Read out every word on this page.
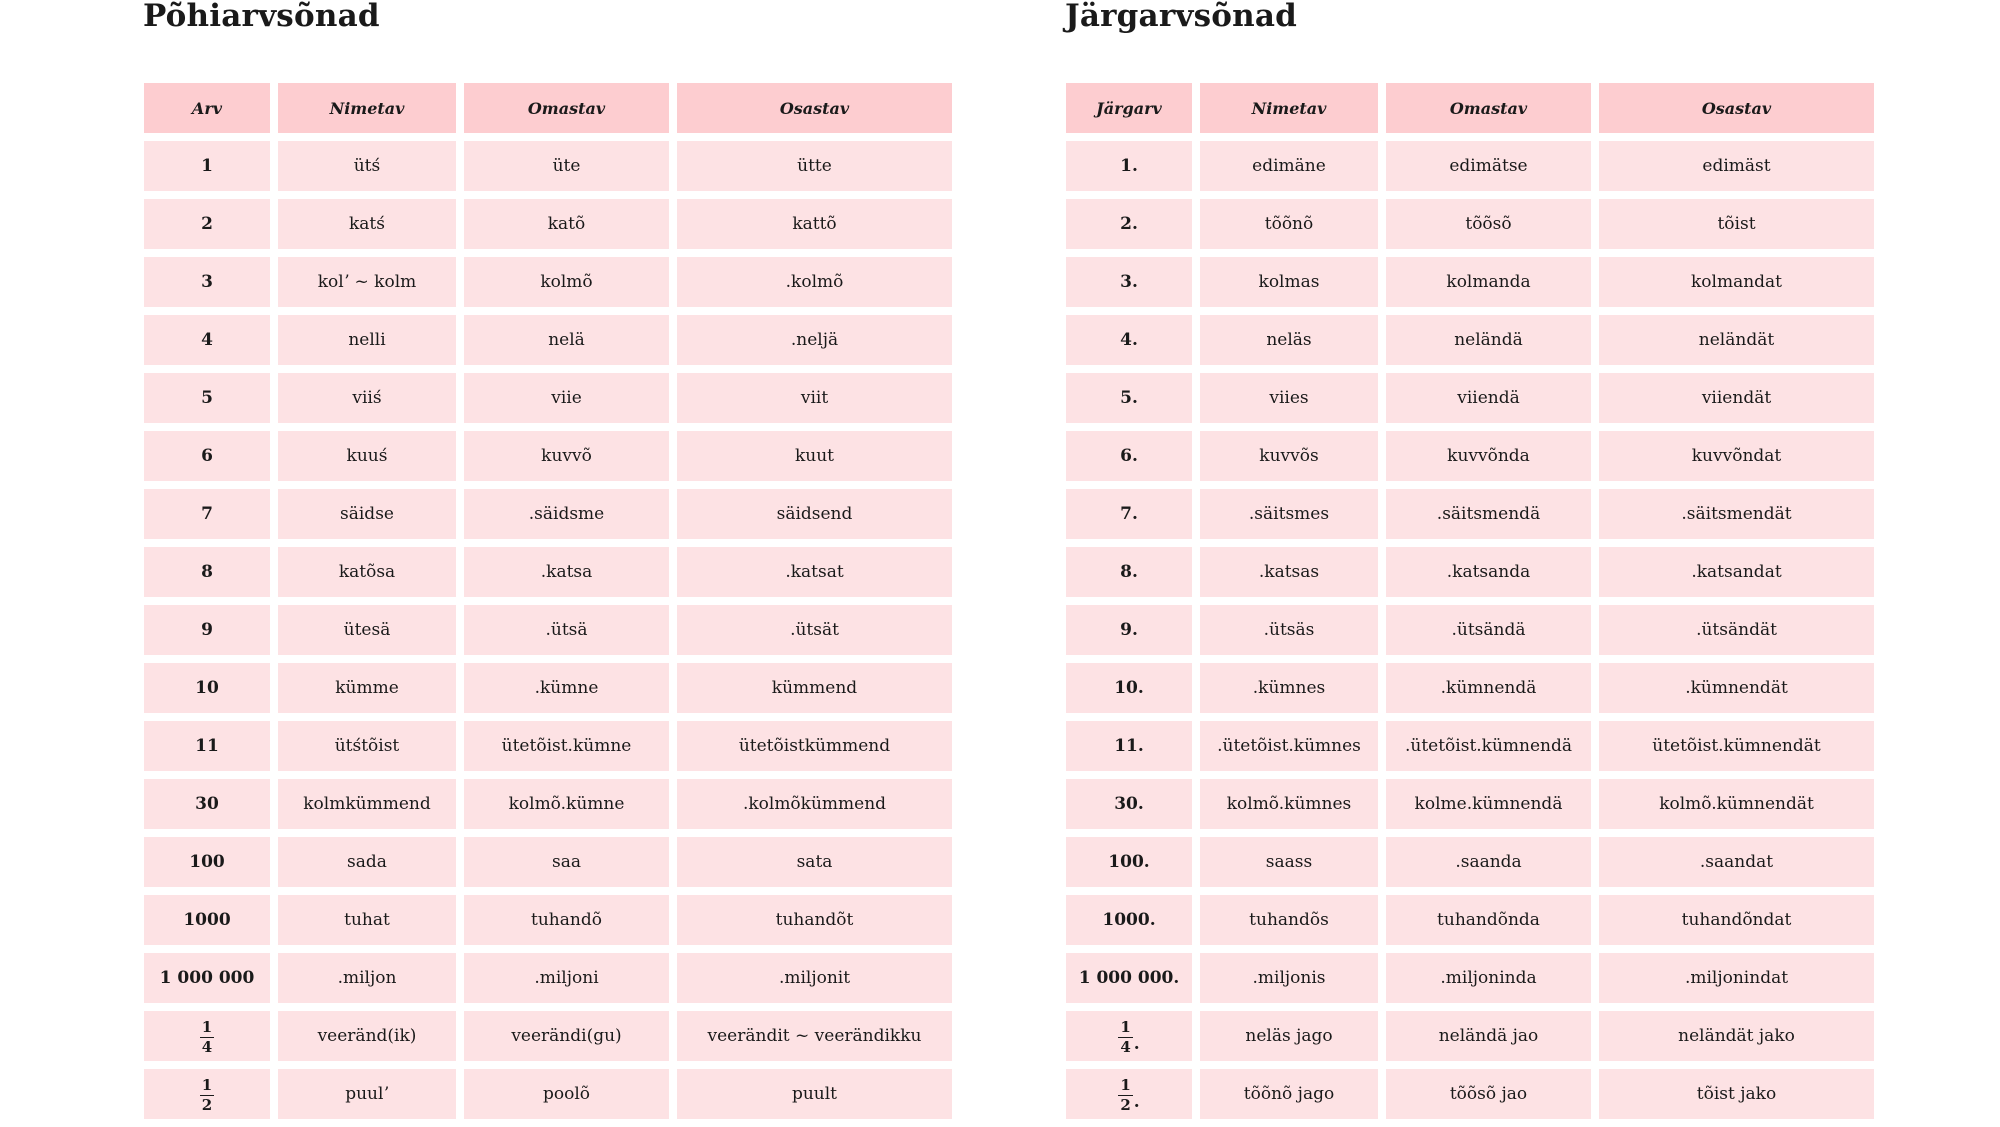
Põhiarvsõnad
Arv	Nimetav	Omastav	Osastav
1	ütś	üte	ütte
2	katś	katõ	kattõ
3	kolʼ ~ kolm	kolmõ	.kolmõ
4	nelli	nelä	.neljä
5	viiś	viie	viit
6	kuuś	kuvvõ	kuut
7	säidse	.säidsme	säidsend
8	katõsa	.katsa	.katsat
9	ütesä	.ütsä	.ütsät
10	kümme	.kümne	kümmend
11	ütśtõist	ütetõist.kümne	ütetõistkümmend
30	kolmkümmend	kolmõ.kümne	.kolmõkümmend
100	sada	saa	sata
1000	tuhat	tuhandõ	tuhandõt
1 000 000	.miljon	.miljoni	.miljonit

$\frac{1}{4}$	veeränd(ik)	veerändi(gu)	veerändit ~ veerändikku

$\frac{1}{2}$	puulʼ	poolõ	puult
Järgarvsõnad
Järgarv	Nimetav	Omastav	Osastav
1.	edimäne	edimätse	edimäst
2.	tõõnõ	tõõsõ	tõist
3.	kolmas	kolmanda	kolmandat
4.	neläs	neländä	neländät
5.	viies	viiendä	viiendät
6.	kuvvõs	kuvvõnda	kuvvõndat
7.	.säitsmes	.säitsmendä	.säitsmendät
8.	.katsas	.katsanda	.katsandat
9.	.ütsäs	.ütsändä	.ütsändät
10.	.kümnes	.kümnendä	.kümnendät
11.	.ütetõist.kümnes	.ütetõist.kümnendä	ütetõist.kümnendät
30.	kolmõ.kümnes	kolme.kümnendä	kolmõ.kümnendät
100.	saass	.saanda	.saandat
1000.	tuhandõs	tuhandõnda	tuhandõndat
1 000 000.	.miljonis	.miljoninda	.miljonindat

$\frac{1}{4}$ .	neläs jago	neländä jao	neländät jako

$\frac{1}{2}$ .	tõõnõ jago	tõõsõ jao	tõist jako
